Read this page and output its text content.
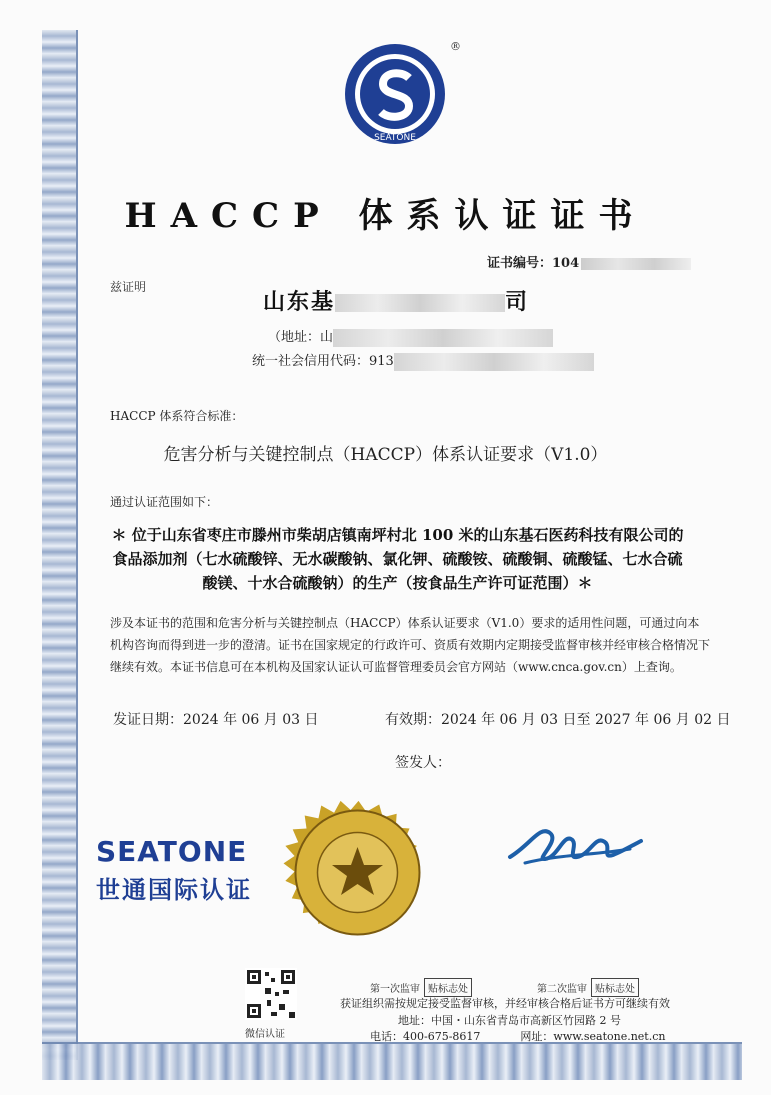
SEATONE
®
HACCP 体系认证证书
证书编号：104
兹证明
山东基	司
（地址：山
统一社会信用代码：913
HACCP 体系符合标准：
危害分析与关键控制点（HACCP）体系认证要求（V1.0）
通过认证范围如下：
＊ 位于山东省枣庄市滕州市柴胡店镇南坪村北 100 米的山东基石医药科技有限公司的食品添加剂（七水硫酸锌、无水碳酸钠、氯化钾、硫酸铵、硫酸铜、硫酸锰、七水合硫酸镁、十水合硫酸钠）的生产（按食品生产许可证范围）＊
涉及本证书的范围和危害分析与关键控制点（HACCP）体系认证要求（V1.0）要求的适用性问题，可通过向本机构咨询而得到进一步的澄清。证书在国家规定的行政许可、资质有效期内定期接受监督审核并经审核合格情况下继续有效。本证书信息可在本机构及国家认证认可监督管理委员会官方网站（www.cnca.gov.cn）上查询。
发证日期：2024 年 06 月 03 日	有效期：2024 年 06 月 03 日至 2027 年 06 月 02 日
签发人：
SEATONE
世通国际认证
微信认证
第一次监审 贴标志处	第二次监审 贴标志处
获证组织需按规定接受监督审核，并经审核合格后证书方可继续有效
地址：中国・山东省青岛市高新区竹园路 2 号
电话：400-675-8617	网址：www.seatone.net.cn
